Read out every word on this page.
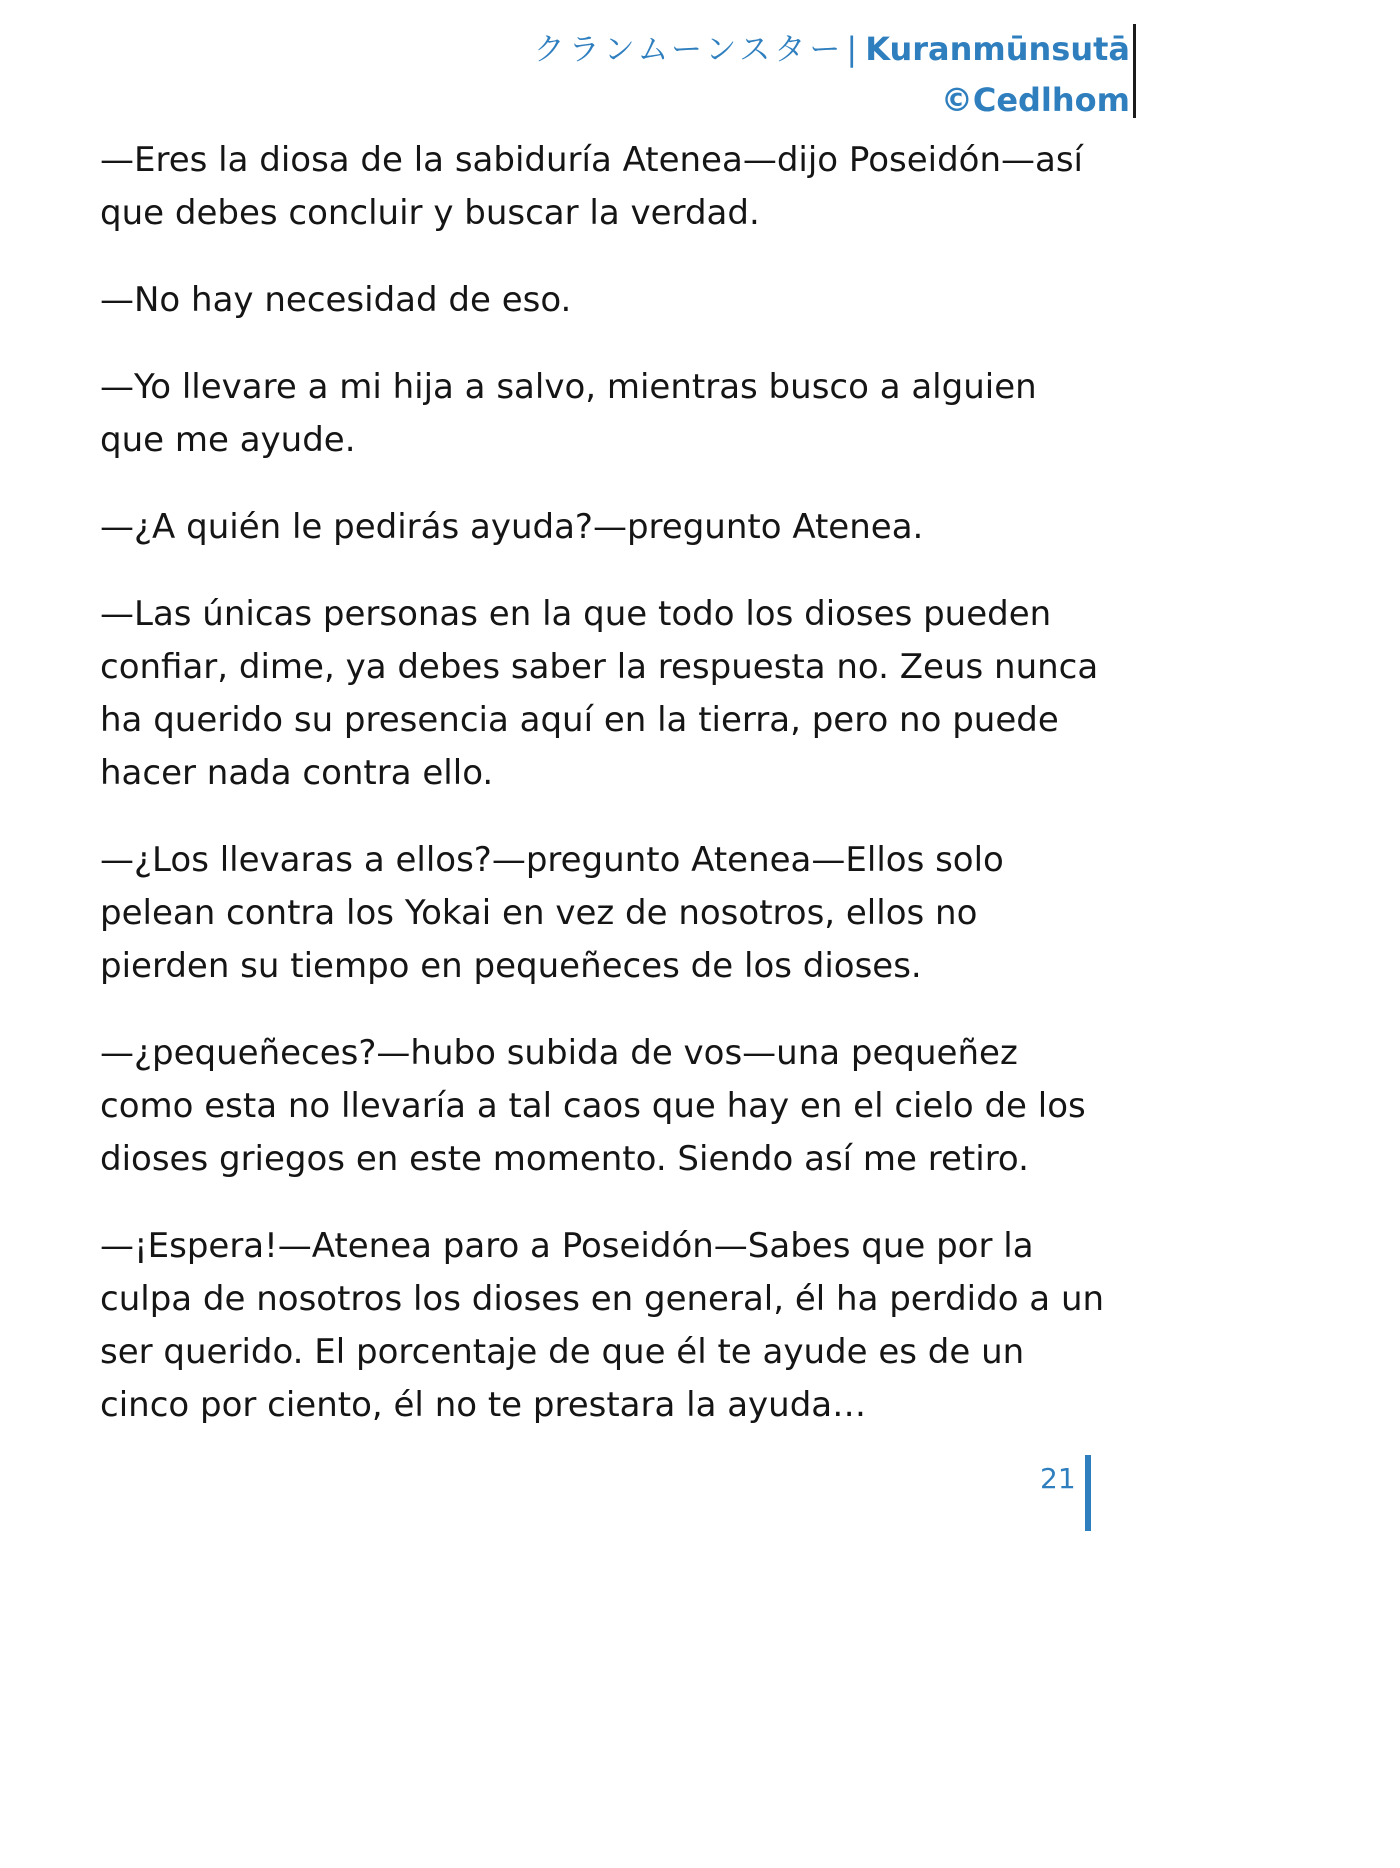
クランムーンスター| Kuranmūnsutā
©Cedlhom

—Eres la diosa de la sabiduría Atenea—dijo Poseidón—así que debes concluir y buscar la verdad.

—No hay necesidad de eso.

—Yo llevare a mi hija a salvo, mientras busco a alguien que me ayude.

—¿A quién le pedirás ayuda?—pregunto Atenea.

—Las únicas personas en la que todo los dioses pueden confiar, dime, ya debes saber la respuesta no. Zeus nunca ha querido su presencia aquí en la tierra, pero no puede hacer nada contra ello.

—¿Los llevaras a ellos?—pregunto Atenea—Ellos solo pelean contra los Yokai en vez de nosotros, ellos no pierden su tiempo en pequeñeces de los dioses.

—¿pequeñeces?—hubo subida de vos—una pequeñez como esta no llevaría a tal caos que hay en el cielo de los dioses griegos en este momento. Siendo así me retiro.

—¡Espera!—Atenea paro a Poseidón—Sabes que por la culpa de nosotros los dioses en general, él ha perdido a un ser querido. El porcentaje de que él te ayude es de un cinco por ciento, él no te prestara la ayuda…

21
